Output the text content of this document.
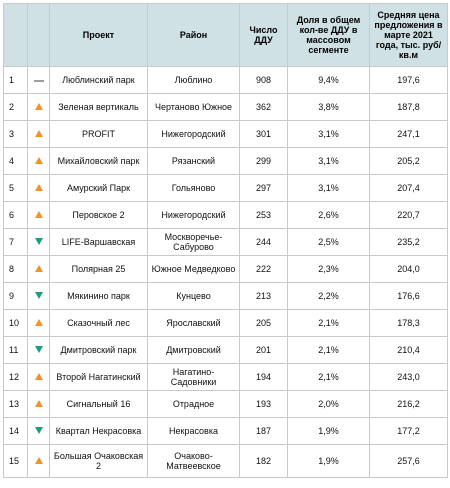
		Проект	Район	Число ДДУ	Доля в общем кол-ве ДДУ в массовом сегменте	Средняя цена предложения в марте 2021 года, тыс. руб/кв.м
1		Люблинский парк	Люблино	908	9,4%	197,6
2		Зеленая вертикаль	Чертаново Южное	362	3,8%	187,8
3		PROFIT	Нижегородский	301	3,1%	247,1
4		Михайловский парк	Рязанский	299	3,1%	205,2
5		Амурский Парк	Гольяново	297	3,1%	207,4
6		Перовское 2	Нижегородский	253	2,6%	220,7
7		LIFE-Варшавская	Москворечье-Сабурово	244	2,5%	235,2
8		Полярная 25	Южное Медведково	222	2,3%	204,0
9		Мякинино парк	Кунцево	213	2,2%	176,6
10		Сказочный лес	Ярославский	205	2,1%	178,3
11		Дмитровский парк	Дмитровский	201	2,1%	210,4
12		Второй Нагатинский	Нагатино-Садовники	194	2,1%	243,0
13		Сигнальный 16	Отрадное	193	2,0%	216,2
14		Квартал Некрасовка	Некрасовка	187	1,9%	177,2
15		Большая Очаковская 2	Очаково-Матвеевское	182	1,9%	257,6
